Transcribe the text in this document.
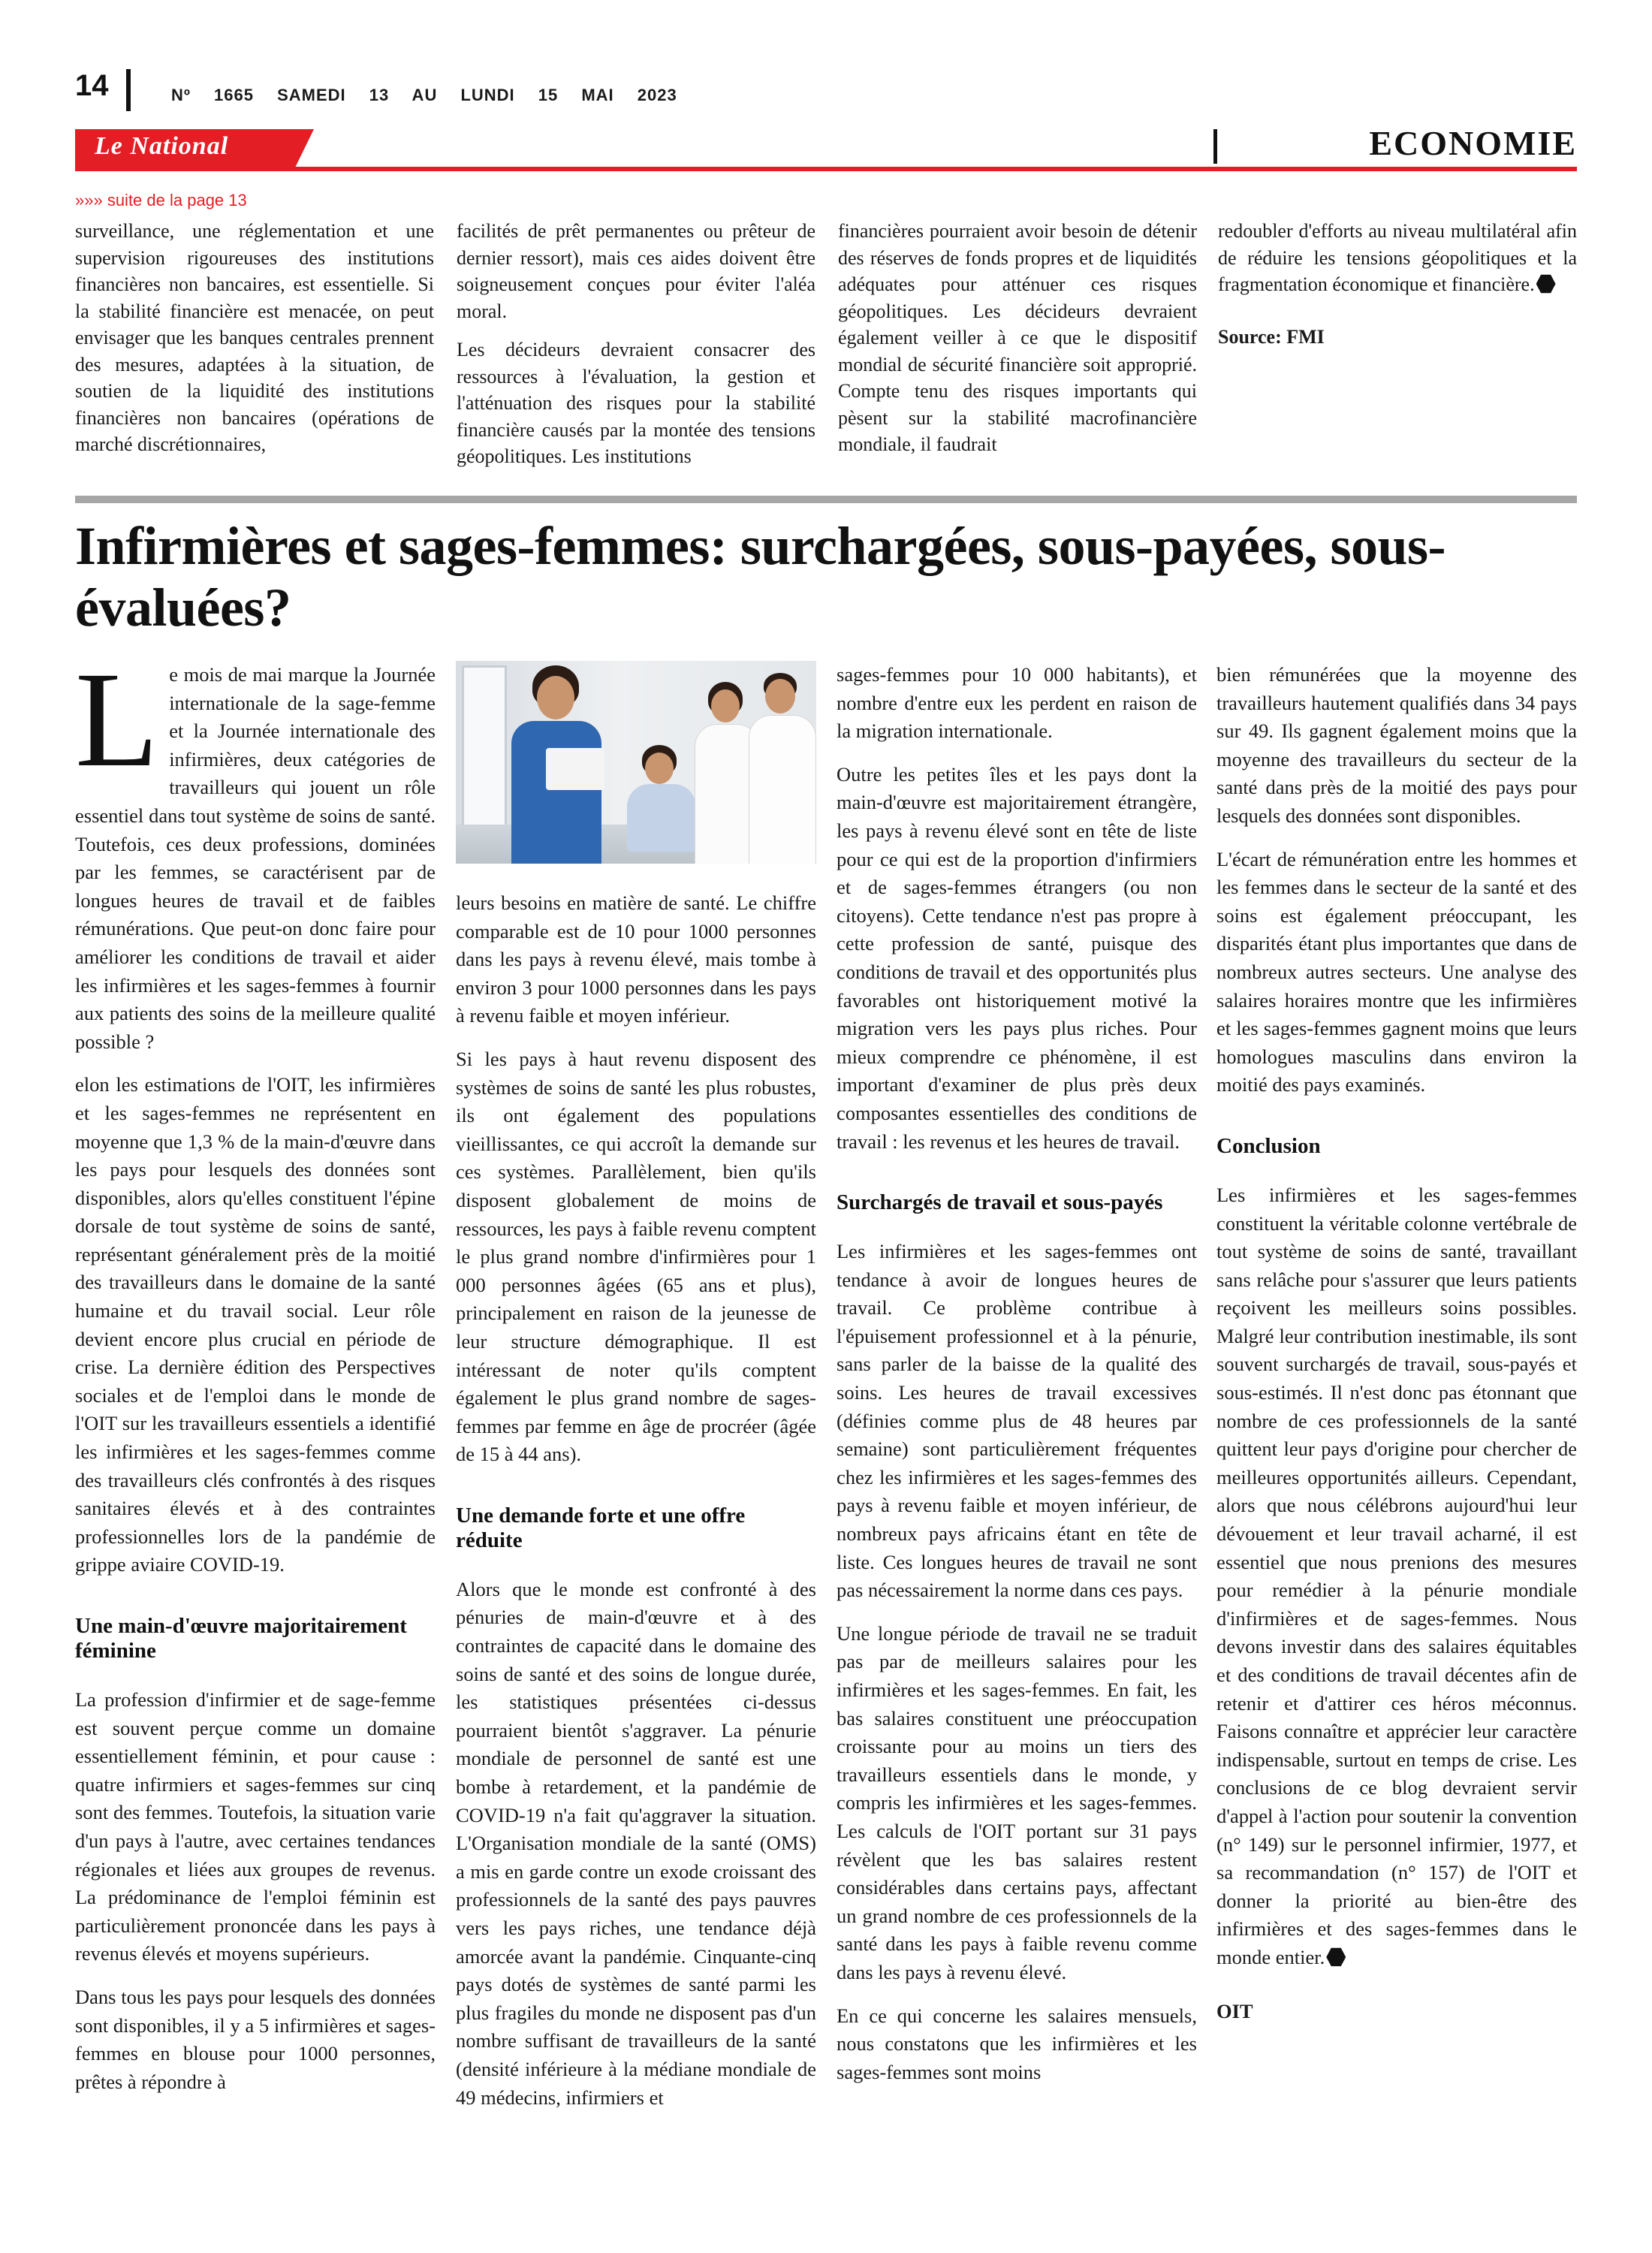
14	Nº 1665 SAMEDI 13 AU LUNDI 15 MAI 2023
Le National	ECONOMIE
»»» suite de la page 13

surveillance, une réglementation et une supervision rigoureuses des institutions financières non bancaires, est essentielle. Si la stabilité financière est menacée, on peut envisager que les banques centrales prennent des mesures, adaptées à la situation, de soutien de la liquidité des institutions financières non bancaires (opérations de marché discrétionnaires,

facilités de prêt permanentes ou prêteur de dernier ressort), mais ces aides doivent être soigneusement conçues pour éviter l'aléa moral.

Les décideurs devraient consacrer des ressources à l'évaluation, la gestion et l'atténuation des risques pour la stabilité financière causés par la montée des tensions géopolitiques. Les institutions

financières pourraient avoir besoin de détenir des réserves de fonds propres et de liquidités adéquates pour atténuer ces risques géopolitiques. Les décideurs devraient également veiller à ce que le dispositif mondial de sécurité financière soit approprié. Compte tenu des risques importants qui pèsent sur la stabilité macrofinancière mondiale, il faudrait

redoubler d'efforts au niveau multilatéral afin de réduire les tensions géopolitiques et la fragmentation économique et financière.

Source: FMI

Infirmières et sages-femmes: surchargées, sous-payées, sous-évaluées?

Le mois de mai marque la Journée internationale de la sage-femme et la Journée internationale des infirmières, deux catégories de travailleurs qui jouent un rôle essentiel dans tout système de soins de santé. Toutefois, ces deux professions, dominées par les femmes, se caractérisent par de longues heures de travail et de faibles rémunérations. Que peut-on donc faire pour améliorer les conditions de travail et aider les infirmières et les sages-femmes à fournir aux patients des soins de la meilleure qualité possible ?

elon les estimations de l'OIT, les infirmières et les sages-femmes ne représentent en moyenne que 1,3 % de la main-d'œuvre dans les pays pour lesquels des données sont disponibles, alors qu'elles constituent l'épine dorsale de tout système de soins de santé, représentant généralement près de la moitié des travailleurs dans le domaine de la santé humaine et du travail social. Leur rôle devient encore plus crucial en période de crise. La dernière édition des Perspectives sociales et de l'emploi dans le monde de l'OIT sur les travailleurs essentiels a identifié les infirmières et les sages-femmes comme des travailleurs clés confrontés à des risques sanitaires élevés et à des contraintes professionnelles lors de la pandémie de grippe aviaire COVID-19.

Une main-d'œuvre majoritairement féminine

La profession d'infirmier et de sage-femme est souvent perçue comme un domaine essentiellement féminin, et pour cause : quatre infirmiers et sages-femmes sur cinq sont des femmes. Toutefois, la situation varie d'un pays à l'autre, avec certaines tendances régionales et liées aux groupes de revenus. La prédominance de l'emploi féminin est particulièrement prononcée dans les pays à revenus élevés et moyens supérieurs.

Dans tous les pays pour lesquels des données sont disponibles, il y a 5 infirmières et sages-femmes en blouse pour 1000 personnes, prêtes à répondre à

leurs besoins en matière de santé. Le chiffre comparable est de 10 pour 1000 personnes dans les pays à revenu élevé, mais tombe à environ 3 pour 1000 personnes dans les pays à revenu faible et moyen inférieur.

Si les pays à haut revenu disposent des systèmes de soins de santé les plus robustes, ils ont également des populations vieillissantes, ce qui accroît la demande sur ces systèmes. Parallèlement, bien qu'ils disposent globalement de moins de ressources, les pays à faible revenu comptent le plus grand nombre d'infirmières pour 1 000 personnes âgées (65 ans et plus), principalement en raison de la jeunesse de leur structure démographique. Il est intéressant de noter qu'ils comptent également le plus grand nombre de sages-femmes par femme en âge de procréer (âgée de 15 à 44 ans).

Une demande forte et une offre réduite

Alors que le monde est confronté à des pénuries de main-d'œuvre et à des contraintes de capacité dans le domaine des soins de santé et des soins de longue durée, les statistiques présentées ci-dessus pourraient bientôt s'aggraver. La pénurie mondiale de personnel de santé est une bombe à retardement, et la pandémie de COVID-19 n'a fait qu'aggraver la situation. L'Organisation mondiale de la santé (OMS) a mis en garde contre un exode croissant des professionnels de la santé des pays pauvres vers les pays riches, une tendance déjà amorcée avant la pandémie. Cinquante-cinq pays dotés de systèmes de santé parmi les plus fragiles du monde ne disposent pas d'un nombre suffisant de travailleurs de la santé (densité inférieure à la médiane mondiale de 49 médecins, infirmiers et

sages-femmes pour 10 000 habitants), et nombre d'entre eux les perdent en raison de la migration internationale.

Outre les petites îles et les pays dont la main-d'œuvre est majoritairement étrangère, les pays à revenu élevé sont en tête de liste pour ce qui est de la proportion d'infirmiers et de sages-femmes étrangers (ou non citoyens). Cette tendance n'est pas propre à cette profession de santé, puisque des conditions de travail et des opportunités plus favorables ont historiquement motivé la migration vers les pays plus riches. Pour mieux comprendre ce phénomène, il est important d'examiner de plus près deux composantes essentielles des conditions de travail : les revenus et les heures de travail.

Surchargés de travail et sous-payés

Les infirmières et les sages-femmes ont tendance à avoir de longues heures de travail. Ce problème contribue à l'épuisement professionnel et à la pénurie, sans parler de la baisse de la qualité des soins. Les heures de travail excessives (définies comme plus de 48 heures par semaine) sont particulièrement fréquentes chez les infirmières et les sages-femmes des pays à revenu faible et moyen inférieur, de nombreux pays africains étant en tête de liste. Ces longues heures de travail ne sont pas nécessairement la norme dans ces pays.

Une longue période de travail ne se traduit pas par de meilleurs salaires pour les infirmières et les sages-femmes. En fait, les bas salaires constituent une préoccupation croissante pour au moins un tiers des travailleurs essentiels dans le monde, y compris les infirmières et les sages-femmes. Les calculs de l'OIT portant sur 31 pays révèlent que les bas salaires restent considérables dans certains pays, affectant un grand nombre de ces professionnels de la santé dans les pays à faible revenu comme dans les pays à revenu élevé.

En ce qui concerne les salaires mensuels, nous constatons que les infirmières et les sages-femmes sont moins

bien rémunérées que la moyenne des travailleurs hautement qualifiés dans 34 pays sur 49. Ils gagnent également moins que la moyenne des travailleurs du secteur de la santé dans près de la moitié des pays pour lesquels des données sont disponibles.

L'écart de rémunération entre les hommes et les femmes dans le secteur de la santé et des soins est également préoccupant, les disparités étant plus importantes que dans de nombreux autres secteurs. Une analyse des salaires horaires montre que les infirmières et les sages-femmes gagnent moins que leurs homologues masculins dans environ la moitié des pays examinés.

Conclusion

Les infirmières et les sages-femmes constituent la véritable colonne vertébrale de tout système de soins de santé, travaillant sans relâche pour s'assurer que leurs patients reçoivent les meilleurs soins possibles. Malgré leur contribution inestimable, ils sont souvent surchargés de travail, sous-payés et sous-estimés. Il n'est donc pas étonnant que nombre de ces professionnels de la santé quittent leur pays d'origine pour chercher de meilleures opportunités ailleurs. Cependant, alors que nous célébrons aujourd'hui leur dévouement et leur travail acharné, il est essentiel que nous prenions des mesures pour remédier à la pénurie mondiale d'infirmières et de sages-femmes. Nous devons investir dans des salaires équitables et des conditions de travail décentes afin de retenir et d'attirer ces héros méconnus. Faisons connaître et apprécier leur caractère indispensable, surtout en temps de crise. Les conclusions de ce blog devraient servir d'appel à l'action pour soutenir la convention (n° 149) sur le personnel infirmier, 1977, et sa recommandation (n° 157) de l'OIT et donner la priorité au bien-être des infirmières et des sages-femmes dans le monde entier.

OIT
